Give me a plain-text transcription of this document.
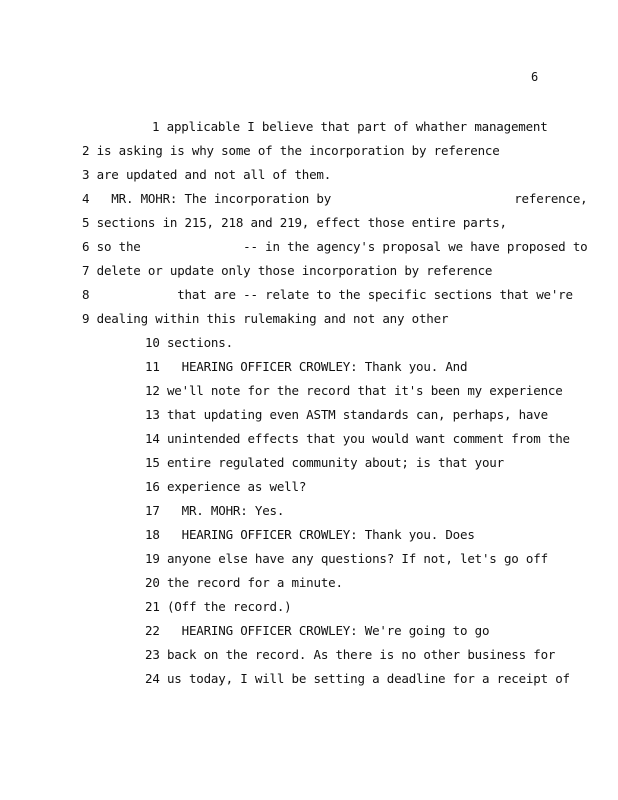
6
1 applicable I believe that part of whather management
2 is asking is why some of the incorporation by reference
3 are updated and not all of them.
4   MR. MOHR: The incorporation by                         reference,
5 sections in 215, 218 and 219, effect those entire parts,
6 so the              -- in the agency's proposal we have proposed to
7 delete or update only those incorporation by reference
8            that are -- relate to the specific sections that we're
9 dealing within this rulemaking and not any other
10 sections.
11   HEARING OFFICER CROWLEY: Thank you. And
12 we'll note for the record that it's been my experience
13 that updating even ASTM standards can, perhaps, have
14 unintended effects that you would want comment from the
15 entire regulated community about; is that your
16 experience as well?
17   MR. MOHR: Yes.
18   HEARING OFFICER CROWLEY: Thank you. Does
19 anyone else have any questions? If not, let's go off
20 the record for a minute.
21 (Off the record.)
22   HEARING OFFICER CROWLEY: We're going to go
23 back on the record. As there is no other business for
24 us today, I will be setting a deadline for a receipt of
